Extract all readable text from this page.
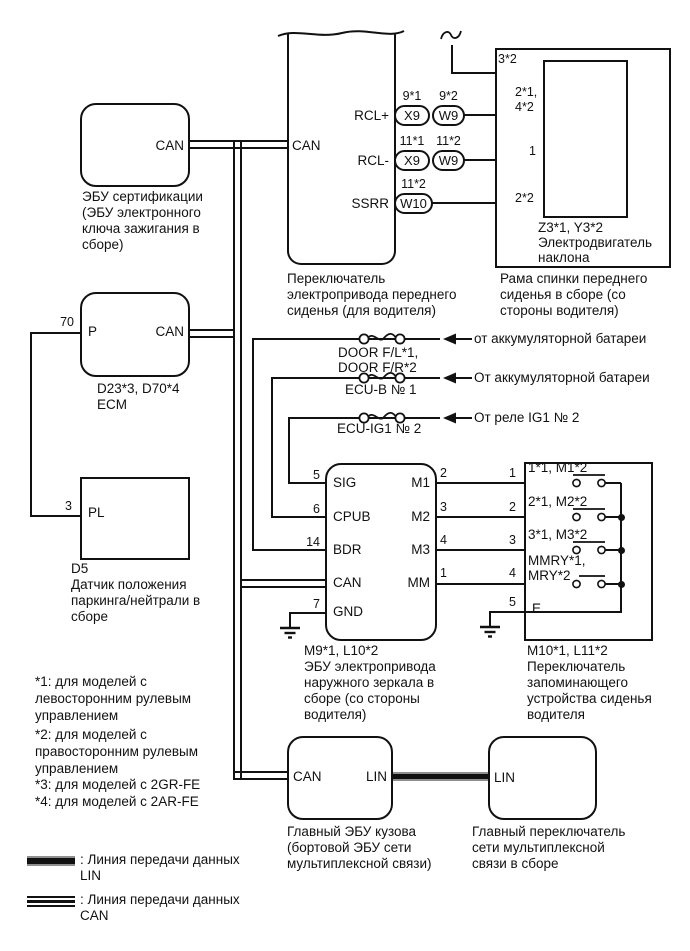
X9	W9
X9	W9
W10
9*1	9*2
11*1 11*2
11*2
CAN	CAN
RCL+
RCL-
SSRR
3*2
2*1,
4*2
1
2*2
P	CAN
70
PL
3
SIG
CPUB
BDR
CAN
GND
5
6
14
7
M1
M2
M3
MM
2
3
4
1
1
2
3
4
5
1*1, M1*2
2*1, M2*2
3*1, M3*2
MMRY*1,
MRY*2
E
CAN	LIN	LIN
DOOR F/L*1,
DOOR F/R*2
ECU-B № 1
ECU-IG1 № 2
от аккумуляторной батареи
От аккумуляторной батареи
От реле IG1 № 2
ЭБУ сертификации
(ЭБУ электронного
ключа зажигания в
сборе)
Переключатель
электропривода переднего
сиденья (для водителя)
Z3*1, Y3*2
Электродвигатель
наклона
Рама спинки переднего
сиденья в сборе (со
стороны водителя)
D23*3, D70*4
ECM
D5
Датчик положения
паркинга/нейтрали в
сборе
M9*1, L10*2
ЭБУ электропривода
наружного зеркала в
сборе (со стороны
водителя)
M10*1, L11*2
Переключатель
запоминающего
устройства сиденья
водителя
Главный ЭБУ кузова
(бортовой ЭБУ сети
мультиплексной связи)
Главный переключатель
сети мультиплексной
связи в сборе
*1: для моделей с
левосторонним рулевым
управлением
*2: для моделей с
правосторонним рулевым
управлением
*3: для моделей с 2GR-FE
*4: для моделей с 2AR-FE
: Линия передачи данных
LIN
: Линия передачи данных
CAN
